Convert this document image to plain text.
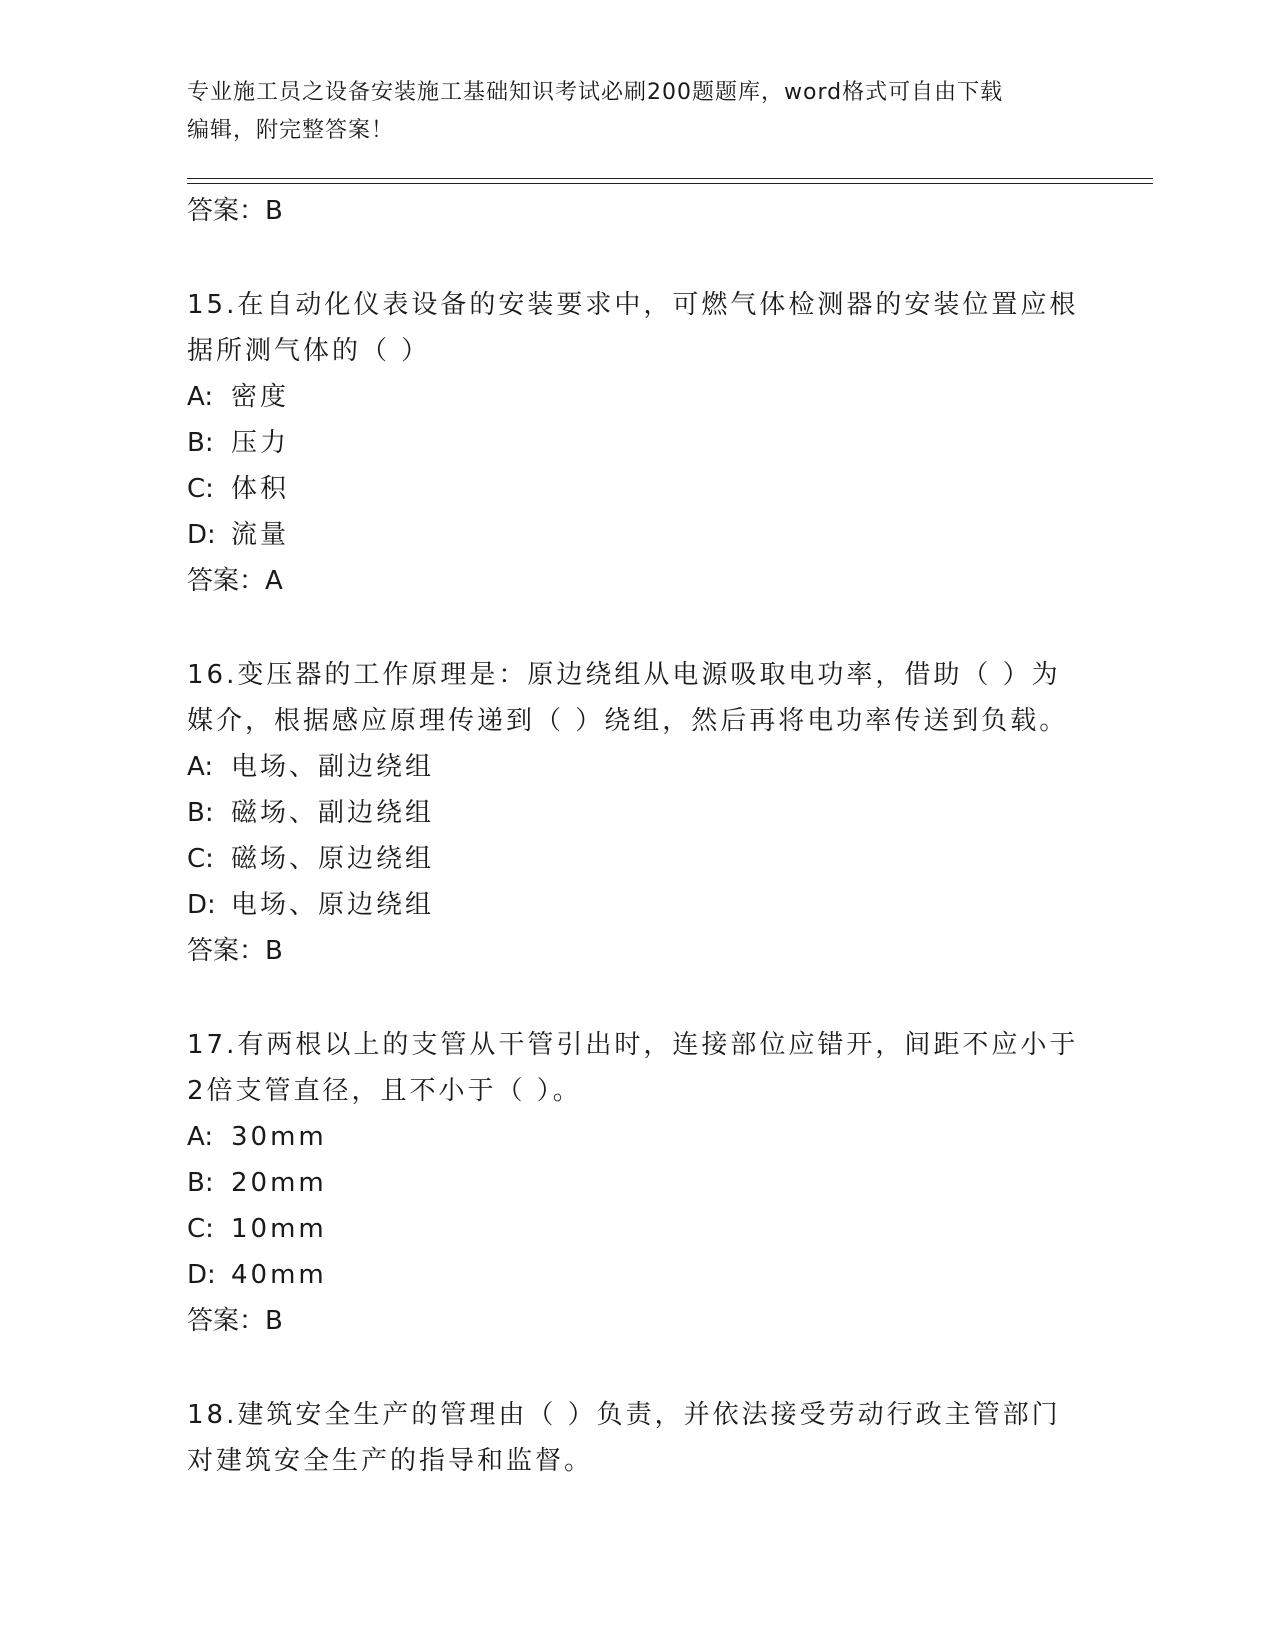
专业施工员之设备安装施工基础知识考试必刷200题题库，word格式可自由下载
编辑，附完整答案！

答案：B

15.在自动化仪表设备的安装要求中，可燃气体检测器的安装位置应根据所测气体的（ ）

A: 密度
B: 压力
C: 体积
D: 流量

答案：A

16.变压器的工作原理是：原边绕组从电源吸取电功率，借助（ ）为媒介，根据感应原理传递到（ ）绕组，然后再将电功率传送到负载。

A: 电场、副边绕组
B: 磁场、副边绕组
C: 磁场、原边绕组
D: 电场、原边绕组

答案：B

17.有两根以上的支管从干管引出时，连接部位应错开，间距不应小于2倍支管直径，且不小于（ ）。

A: 30mm
B: 20mm
C: 10mm
D: 40mm

答案：B

18.建筑安全生产的管理由（ ）负责，并依法接受劳动行政主管部门对建筑安全生产的指导和监督。
